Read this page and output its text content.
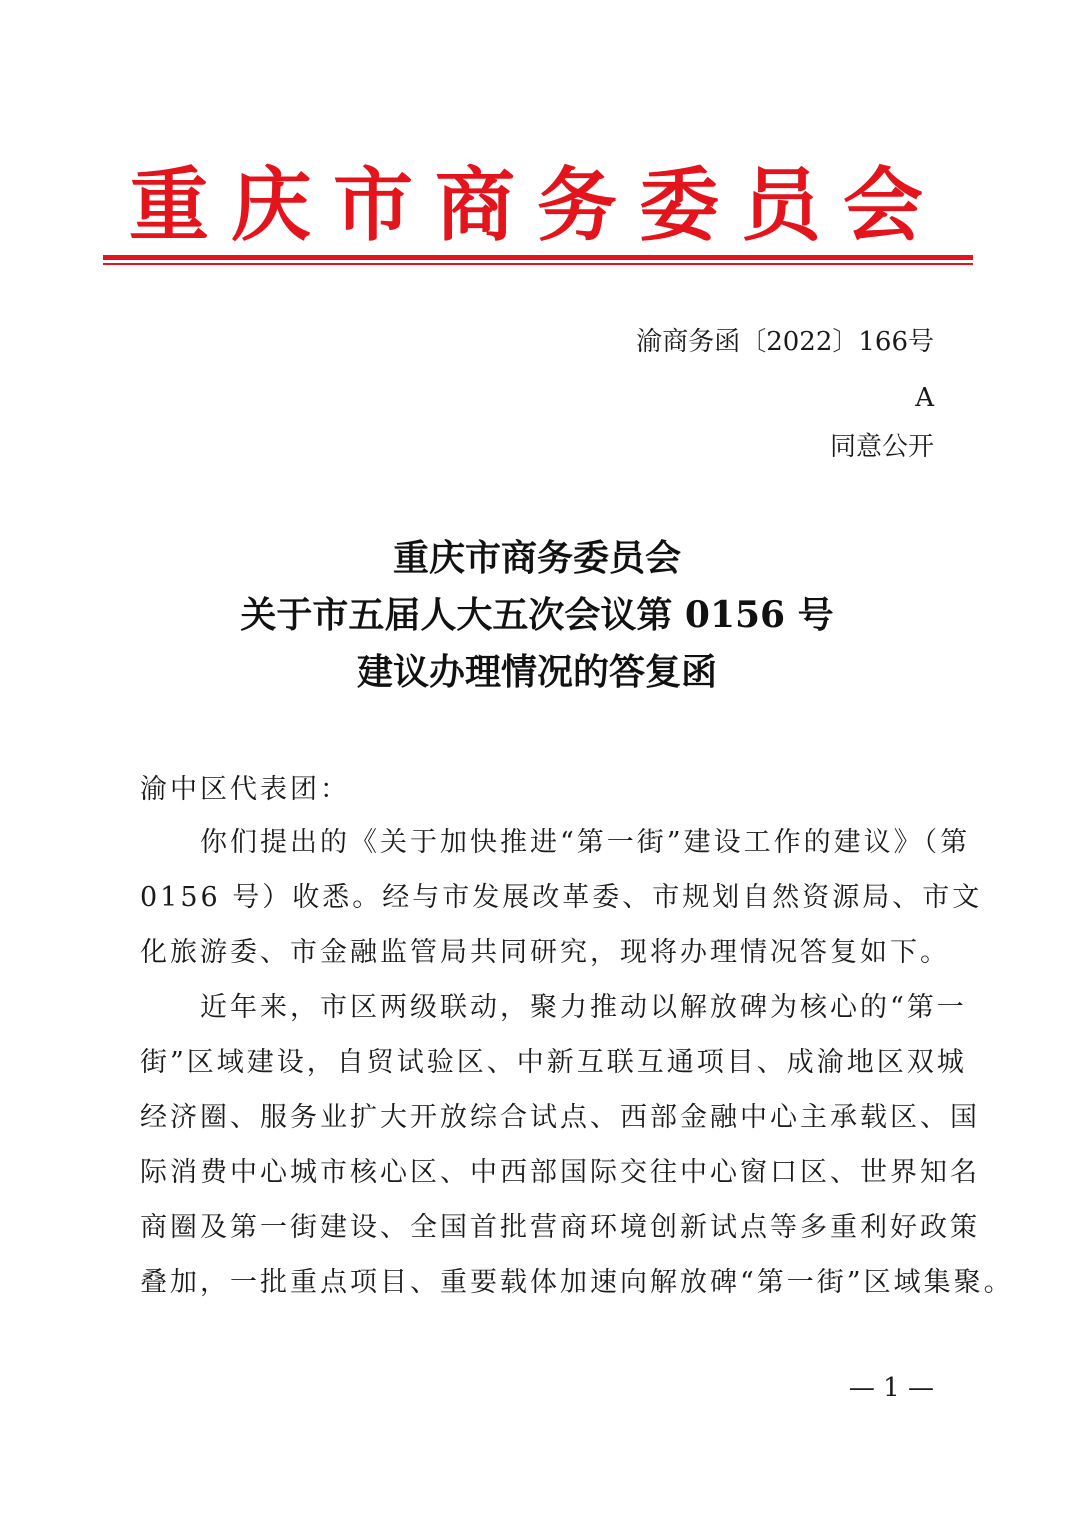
重庆市商务委员会
渝商务函〔2022〕166号
A
同意公开
重庆市商务委员会
关于市五届人大五次会议第 0156 号
建议办理情况的答复函
渝中区代表团：
　　你们提出的《关于加快推进“第一街”建设工作的建议》（第
0156 号）收悉。经与市发展改革委、市规划自然资源局、市文
化旅游委、市金融监管局共同研究，现将办理情况答复如下。
　　近年来，市区两级联动，聚力推动以解放碑为核心的“第一
街”区域建设，自贸试验区、中新互联互通项目、成渝地区双城
经济圈、服务业扩大开放综合试点、西部金融中心主承载区、国
际消费中心城市核心区、中西部国际交往中心窗口区、世界知名
商圈及第一街建设、全国首批营商环境创新试点等多重利好政策
叠加，一批重点项目、重要载体加速向解放碑“第一街”区域集聚。
— 1 —
